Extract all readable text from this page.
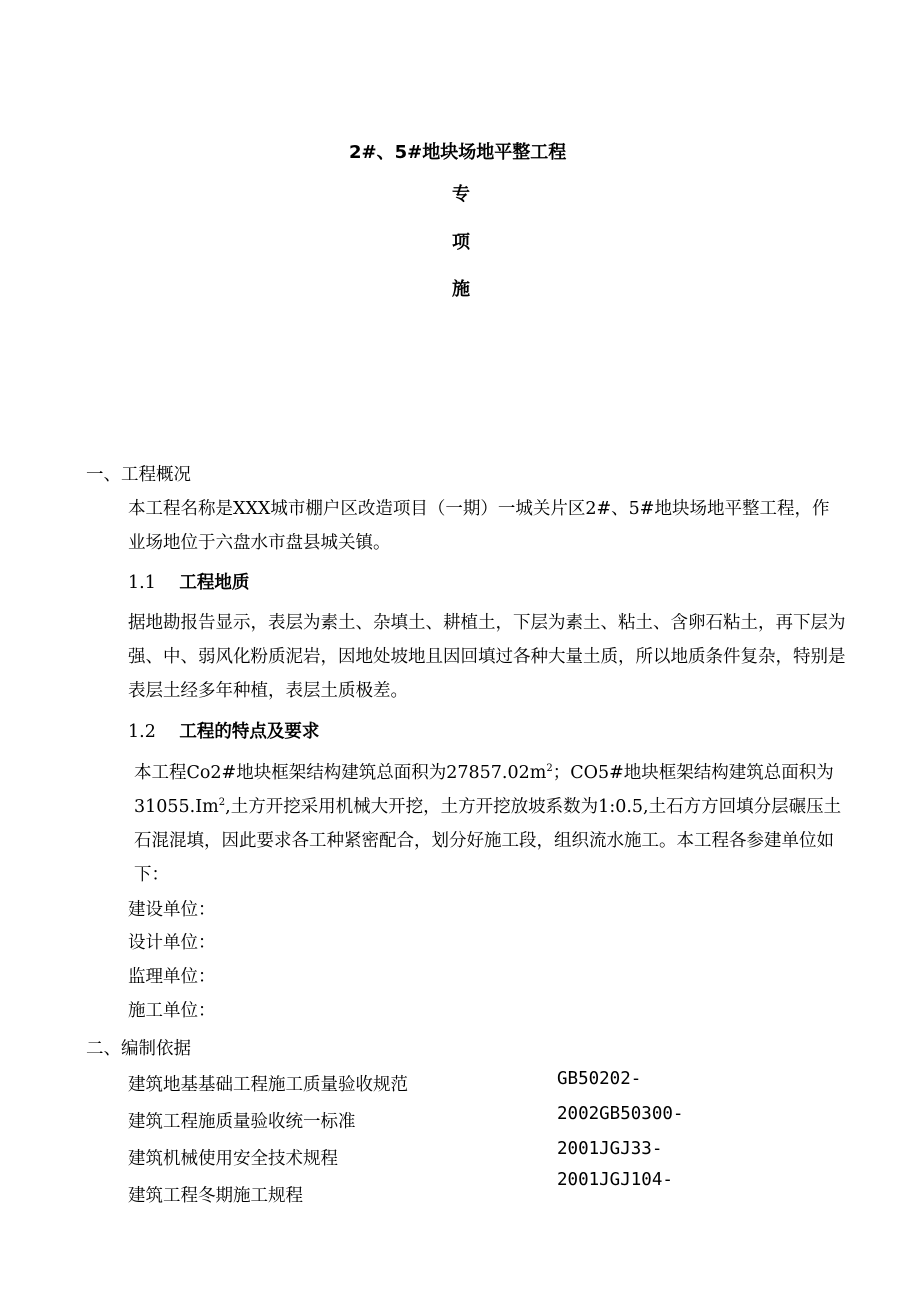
2#、5#地块场地平整工程
专
项
施
一、工程概况
本工程名称是XXX城市棚户区改造项目（一期）一城关片区2#、5#地块场地平整工程，作业场地位于六盘水市盘县城关镇。
1.1 工程地质
据地勘报告显示，表层为素土、杂填土、耕植土，下层为素土、粘土、含卵石粘土，再下层为强、中、弱风化粉质泥岩，因地处坡地且因回填过各种大量土质，所以地质条件复杂，特别是表层土经多年种植，表层土质极差。
1.2 工程的特点及要求
本工程Co2#地块框架结构建筑总面积为$27857.02m^2$；CO5#地块框架结构建筑总面积为31055.Im$^2$,土方开挖采用机械大开挖，土方开挖放坡系数为1:0.5,土石方方回填分层碾压土石混混填，因此要求各工种紧密配合，划分好施工段，组织流水施工。本工程各参建单位如下：
建设单位：
设计单位：
监理单位：
施工单位：
二、编制依据
建筑地基基础工程施工质量验收规范
建筑工程施质量验收统一标准
建筑机械使用安全技术规程
建筑工程冬期施工规程
GB50202-
2002GB50300-
2001JGJ33-
2001JGJ104-
